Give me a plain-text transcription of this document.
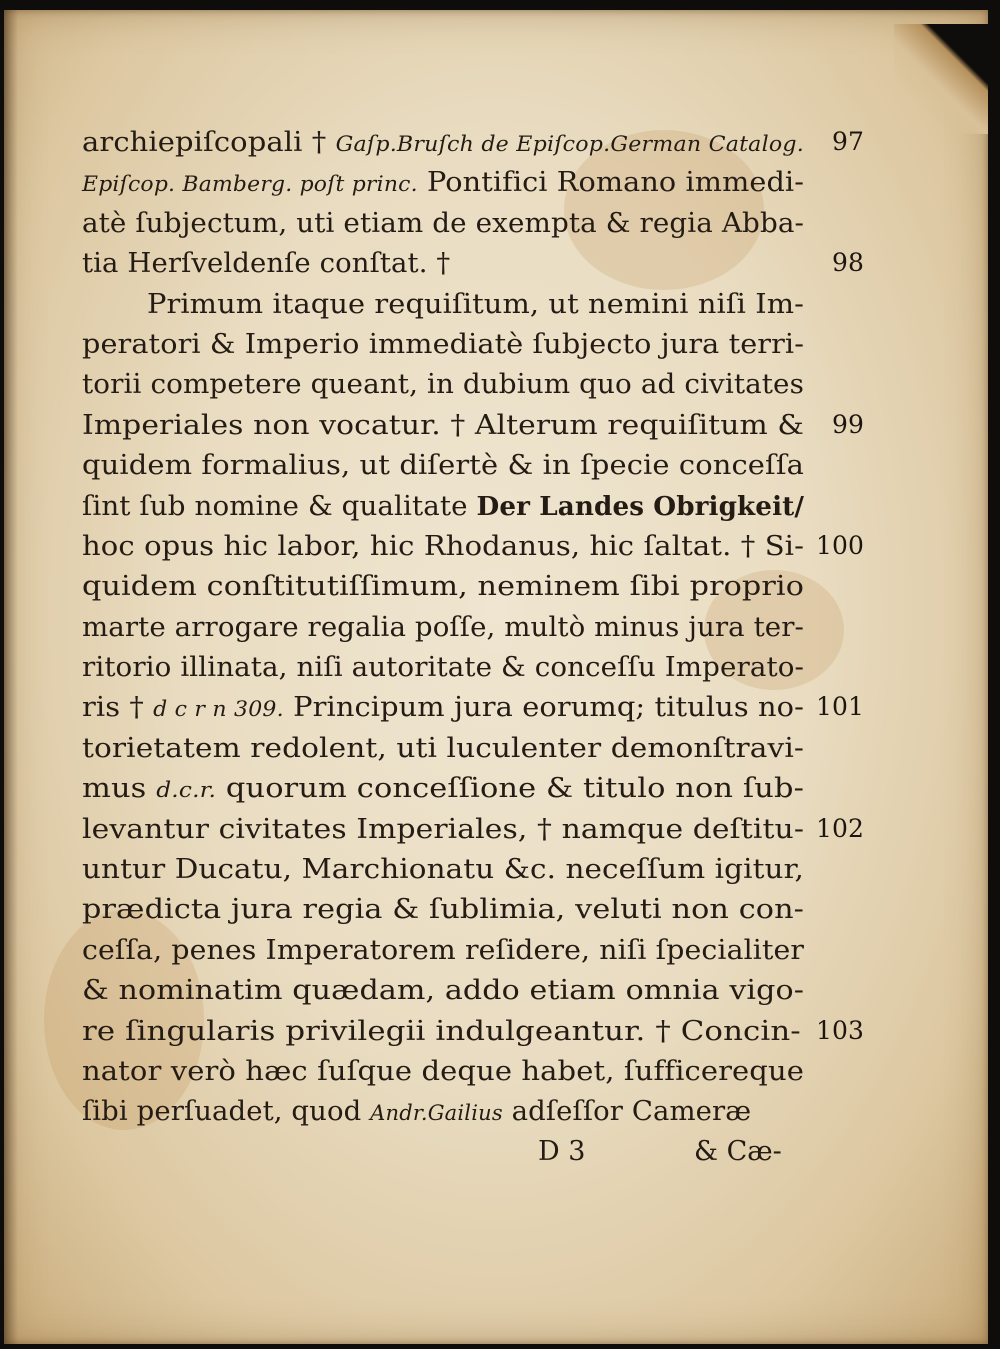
archiepiſcopali † Gaſp.Bruſch de Epiſcop.German Catalog. 97
Epiſcop. Bamberg. poſt princ. Pontifici Romano immedi-
atè ſubjectum, uti etiam de exempta & regia Abba-
tia Herſveldenſe conſtat. †	98
Primum itaque requiſitum, ut nemini niſi Im-
peratori & Imperio immediatè ſubjecto jura terri-
torii competere queant, in dubium quo ad civitates
Imperiales non vocatur. † Alterum requiſitum & 99
quidem formalius, ut diſertè & in ſpecie conceſſa
ſint ſub nomine & qualitate Der Landes Obrigkeit/
hoc opus hic labor, hic Rhodanus, hic ſaltat. † Si- 100
quidem conſtitutiſſimum, neminem ſibi proprio
marte arrogare regalia poſſe, multò minus jura ter-
ritorio illinata, niſi autoritate & conceſſu Imperato-
ris † d c r n 309. Principum jura eorumq; titulus no- 101
torietatem redolent, uti luculenter demonſtravi-
mus d.c.r. quorum conceſſione & titulo non ſub-
levantur civitates Imperiales, † namque deſtitu- 102
untur Ducatu, Marchionatu &c. neceſſum igitur,
prædicta jura regia & ſublimia, veluti non con-
ceſſa, penes Imperatorem reſidere, niſi ſpecialiter
& nominatim quædam, addo etiam omnia vigo-
re ſingularis privilegii indulgeantur. † Concin- 103
nator verò hæc ſuſque deque habet, ſufficereque
ſibi perſuadet, quod Andr.Gailius adſeſſor Cameræ
D 3	& Cæ-
